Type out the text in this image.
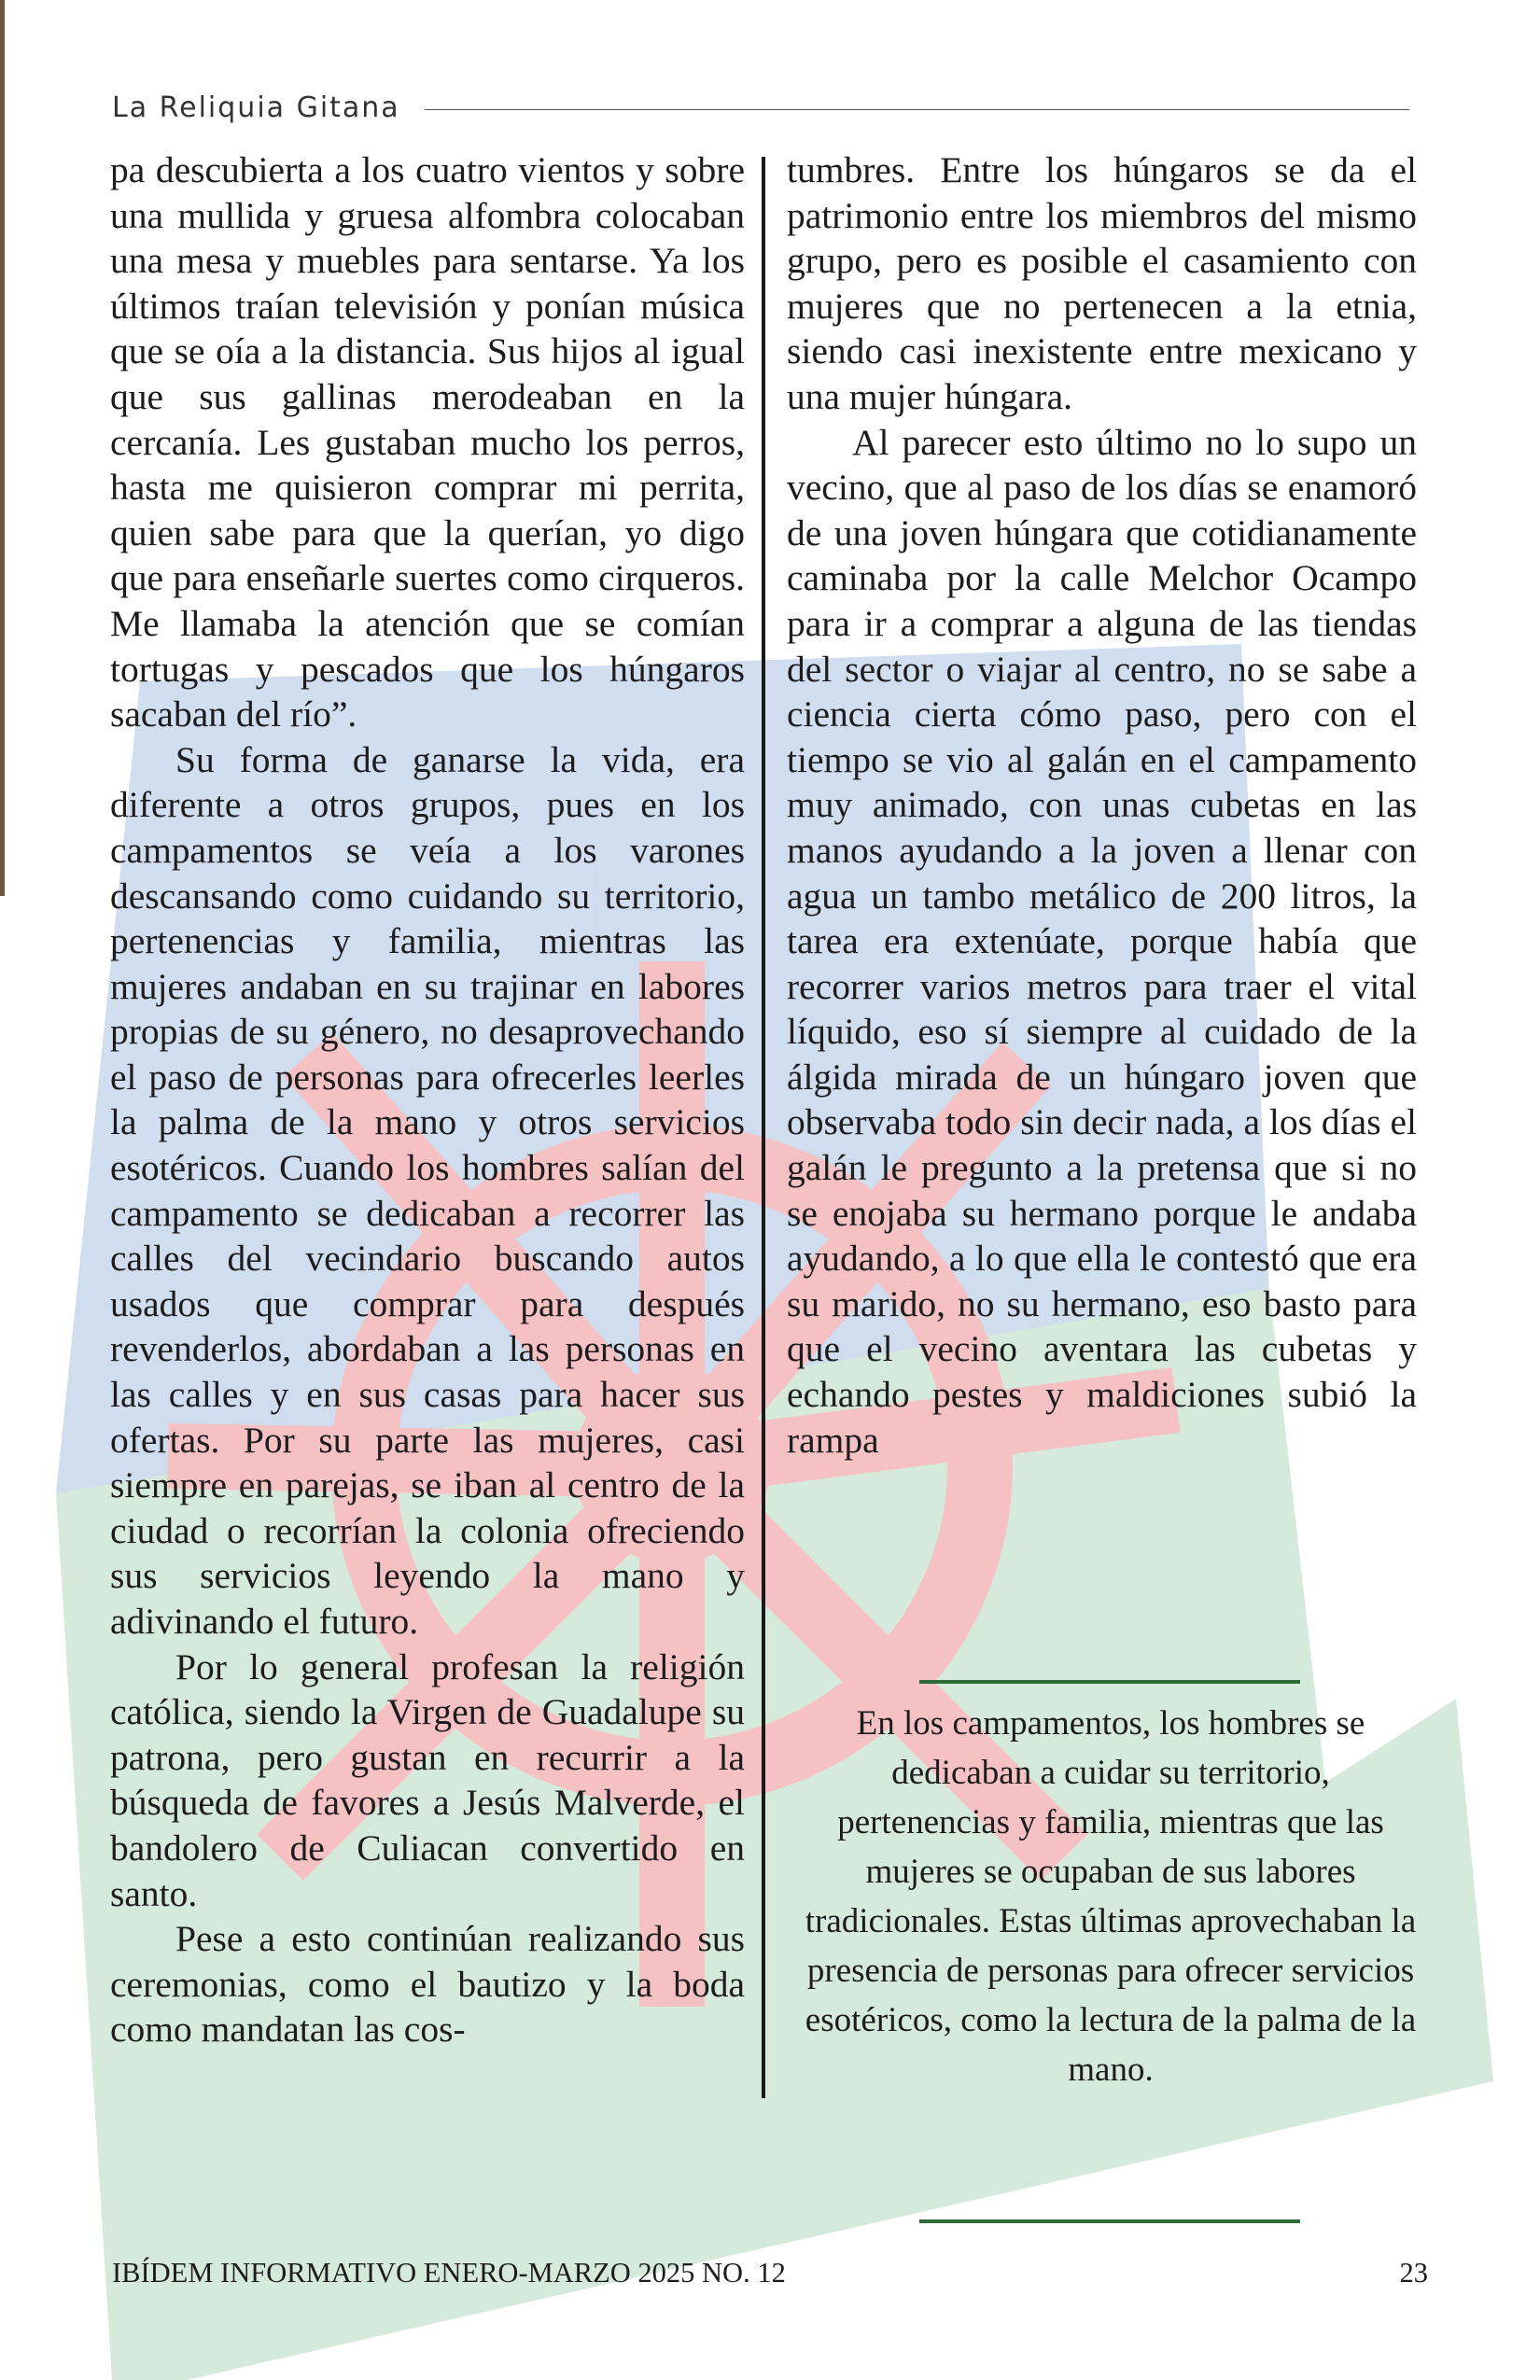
La Reliquia Gitana

pa descubierta a los cuatro vientos y sobre una mullida y gruesa alfombra colocaban una mesa y muebles para sentarse. Ya los últimos traían televisión y ponían música que se oía a la distancia. Sus hijos al igual que sus gallinas merodeaban en la cercanía. Les gustaban mucho los perros, hasta me quisieron comprar mi perrita, quien sabe para que la querían, yo digo que para enseñarle suertes como cirqueros. Me llamaba la atención que se comían tortugas y pescados que los húngaros sacaban del río”.

Su forma de ganarse la vida, era diferente a otros grupos, pues en los campamentos se veía a los varones descansando como cuidando su territorio, pertenencias y familia, mientras las mujeres andaban en su trajinar en labores propias de su género, no desaprovechando el paso de personas para ofrecerles leerles la palma de la mano y otros servicios esotéricos. Cuando los hombres salían del campamento se dedicaban a recorrer las calles del vecindario buscando autos usados que comprar para después revenderlos, abordaban a las personas en las calles y en sus casas para hacer sus ofertas. Por su parte las mujeres, casi siempre en parejas, se iban al centro de la ciudad o recorrían la colonia ofreciendo sus servicios leyendo la mano y adivinando el futuro.

Por lo general profesan la religión católica, siendo la Virgen de Guadalupe su patrona, pero gustan en recurrir a la búsqueda de favores a Jesús Malverde, el bandolero de Culiacan convertido en santo.

Pese a esto continúan realizando sus ceremonias, como el bautizo y la boda como mandatan las cos-

tumbres. Entre los húngaros se da el patrimonio entre los miembros del mismo grupo, pero es posible el casamiento con mujeres que no pertenecen a la etnia, siendo casi inexistente entre mexicano y una mujer húngara.

Al parecer esto último no lo supo un vecino, que al paso de los días se enamoró de una joven húngara que cotidianamente caminaba por la calle Melchor Ocampo para ir a comprar a alguna de las tiendas del sector o viajar al centro, no se sabe a ciencia cierta cómo paso, pero con el tiempo se vio al galán en el campamento muy animado, con unas cubetas en las manos ayudando a la joven a llenar con agua un tambo metálico de 200 litros, la tarea era extenúate, porque había que recorrer varios metros para traer el vital líquido, eso sí siempre al cuidado de la álgida mirada de un húngaro joven que observaba todo sin decir nada, a los días el galán le pregunto a la pretensa que si no se enojaba su hermano porque le andaba ayudando, a lo que ella le contestó que era su marido, no su hermano, eso basto para que el vecino aventara las cubetas y echando pestes y maldiciones subió la rampa

En los campamentos, los hombres se dedicaban a cuidar su territorio, pertenencias y familia, mientras que las mujeres se ocupaban de sus labores tradicionales. Estas últimas aprovechaban la presencia de personas para ofrecer servicios esotéricos, como la lectura de la palma de la mano.
IBÍDEM INFORMATIVO ENERO-MARZO 2025 NO. 12	23
